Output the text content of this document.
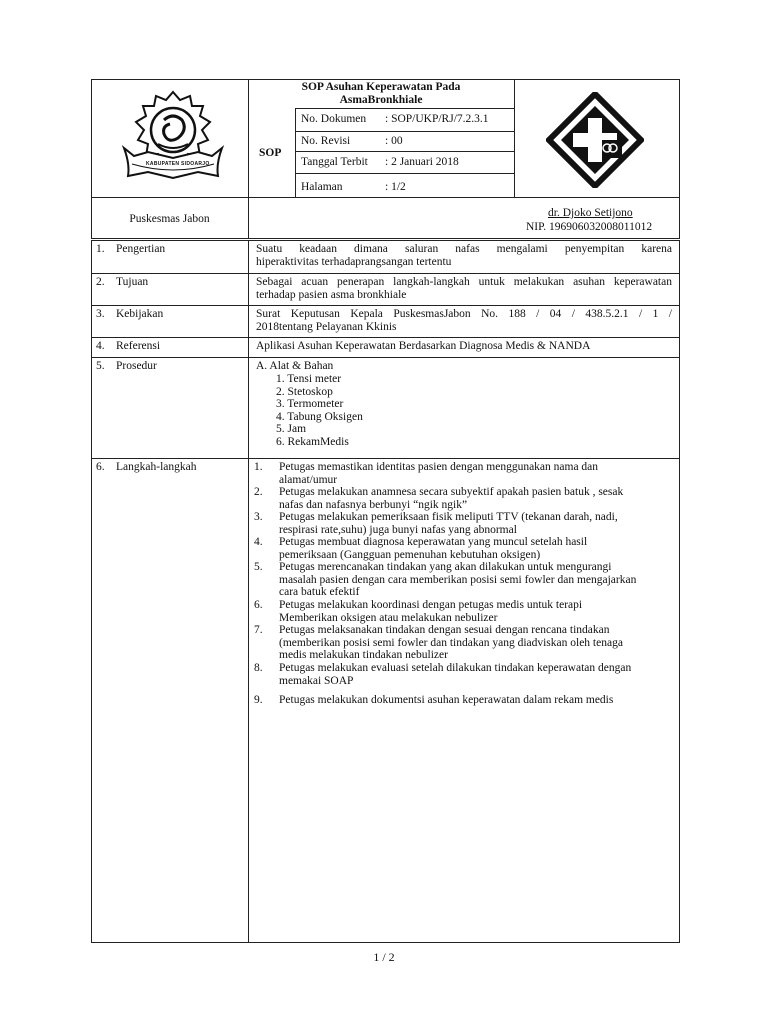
KABUPATEN SIDOARJO
SOP Asuhan Keperawatan Pada
AsmaBronkhiale
SOP
No. Dokumen : SOP/UKP/RJ/7.2.3.1
No. Revisi	: 00
Tanggal Terbit : 2 Januari 2018
Halaman	: 1/2
Puskesmas Jabon	dr. Djoko Setijono
NIP. 196906032008011012
1. Pengertian	Suatu keadaan dimana saluran nafas mengalami penyempitan karena
hiperaktivitas terhadaprangsangan tertentu
2. Tujuan	Sebagai acuan penerapan langkah-langkah untuk melakukan asuhan keperawatan
terhadap pasien asma bronkhiale
3. Kebijakan	Surat Keputusan Kepala PuskesmasJabon No. 188 / 04 / 438.5.2.1 / 1 /
2018tentang Pelayanan Kkinis
4. Referensi	Aplikasi Asuhan Keperawatan Berdasarkan Diagnosa Medis & NANDA
5. Prosedur	A. Alat & Bahan
1. Tensi meter
2. Stetoskop
3. Termometer
4. Tabung Oksigen
5. Jam
6. RekamMedis
6. Langkah-langkah	1. Petugas memastikan identitas pasien dengan menggunakan nama dan
alamat/umur
2. Petugas melakukan anamnesa secara subyektif apakah pasien batuk , sesak
nafas dan nafasnya berbunyi “ngik ngik”
3. Petugas melakukan pemeriksaan fisik meliputi TTV (tekanan darah, nadi,
respirasi rate,suhu) juga bunyi nafas yang abnormal
4. Petugas membuat diagnosa keperawatan yang muncul setelah hasil
pemeriksaan (Gangguan pemenuhan kebutuhan oksigen)
5. Petugas merencanakan tindakan yang akan dilakukan untuk mengurangi
masalah pasien dengan cara memberikan posisi semi fowler dan mengajarkan
cara batuk efektif
6. Petugas melakukan koordinasi dengan petugas medis untuk terapi
Memberikan oksigen atau melakukan nebulizer
7. Petugas melaksanakan tindakan dengan sesuai dengan rencana tindakan
(memberikan posisi semi fowler dan tindakan yang diadviskan oleh tenaga
medis melakukan tindakan nebulizer
8. Petugas melakukan evaluasi setelah dilakukan tindakan keperawatan dengan
memakai SOAP
9. Petugas melakukan dokumentsi asuhan keperawatan dalam rekam medis
1 / 2
